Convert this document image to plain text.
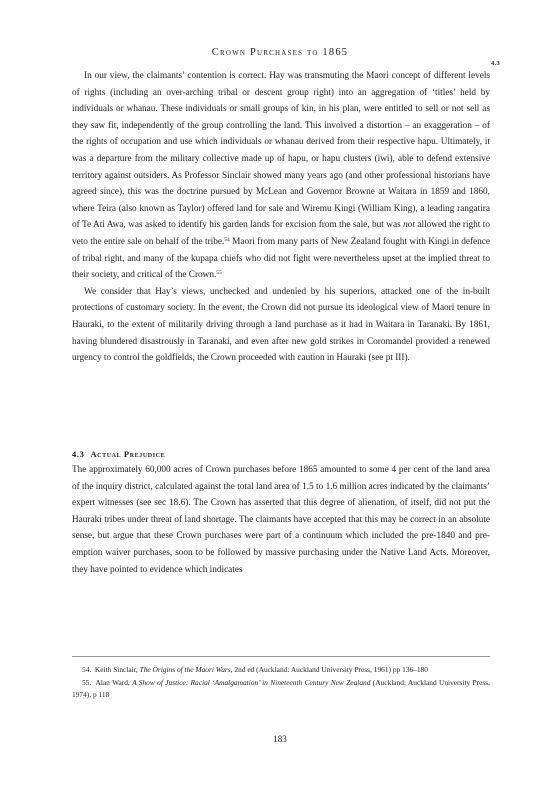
Crown Purchases to 1865
4.3

In our view, the claimants’ contention is correct. Hay was transmuting the Maori concept of different levels of rights (including an over-arching tribal or descent group right) into an aggregation of ‘titles’ held by individuals or whanau. These individuals or small groups of kin, in his plan, were entitled to sell or not sell as they saw fit, independently of the group controlling the land. This involved a distortion – an exaggeration – of the rights of occupation and use which individuals or whanau derived from their respective hapu. Ultimately, it was a departure from the military collective made up of hapu, or hapu clusters (iwi), able to defend extensive territory against outsiders. As Professor Sinclair showed many years ago (and other professional historians have agreed since), this was the doctrine pursued by McLean and Governor Browne at Waitara in 1859 and 1860, where Teira (also known as Taylor) offered land for sale and Wiremu Kingi (William King), a leading rangatira of Te Ati Awa, was asked to identify his garden lands for excision from the sale, but was not allowed the right to veto the entire sale on behalf of the tribe.$^{54}$ Maori from many parts of New Zealand fought with Kingi in defence of tribal right, and many of the kupapa chiefs who did not fight were nevertheless upset at the implied threat to their society, and critical of the Crown.$^{55}$

We consider that Hay’s views, unchecked and undenied by his superiors, attacked one of the in-built protections of customary society. In the event, the Crown did not pursue its ideological view of Maori tenure in Hauraki, to the extent of militarily driving through a land purchase as it had in Waitara in Taranaki. By 1861, having blundered disastrously in Taranaki, and even after new gold strikes in Coromandel provided a renewed urgency to control the goldfields, the Crown proceeded with caution in Hauraki (see pt III).

4.3 Actual Prejudice

The approximately 60,000 acres of Crown purchases before 1865 amounted to some 4 per cent of the land area of the inquiry district, calculated against the total land area of 1.5 to 1.6 million acres indicated by the claimants’ expert witnesses (see sec 18.6). The Crown has asserted that this degree of alienation, of itself, did not put the Hauraki tribes under threat of land shortage. The claimants have accepted that this may be correct in an absolute sense, but argue that these Crown purchases were part of a continuum which included the pre-1840 and pre-emption waiver purchases, soon to be followed by massive purchasing under the Native Land Acts. Moreover, they have pointed to evidence which indicates

54.  Keith Sinclair, The Origins of the Maori Wars, 2nd ed (Auckland: Auckland University Press, 1961) pp 136–180

55.  Alan Ward, A Show of Justice: Racial ‘Amalgamation’ in Nineteenth Century New Zealand (Auckland: Auckland University Press, 1974), p 118

183
